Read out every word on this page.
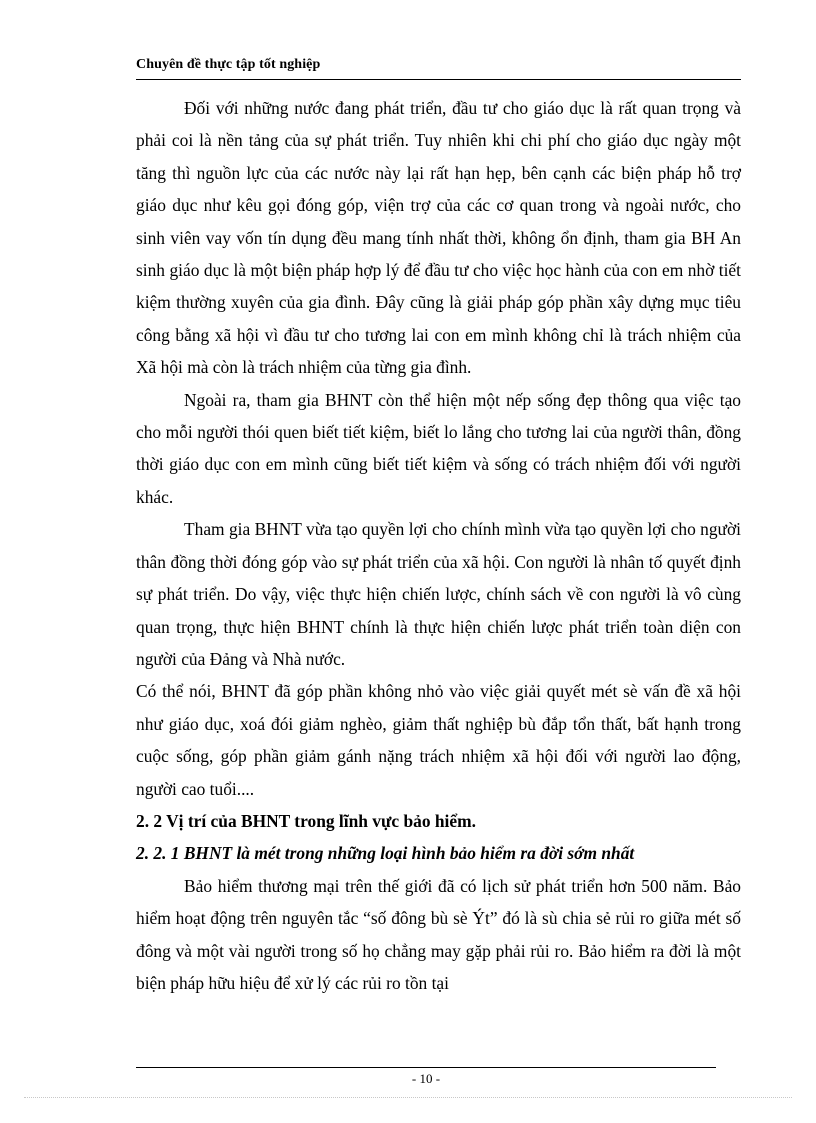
Chuyên đề thực tập tốt nghiệp

Đối với những nước đang phát triển, đầu tư cho giáo dục là rất quan trọng và phải coi là nền tảng của sự phát triển. Tuy nhiên khi chi phí cho giáo dục ngày một tăng thì nguồn lực của các nước này lại rất hạn hẹp, bên cạnh các biện pháp hỗ trợ giáo dục như kêu gọi đóng góp, viện trợ của các cơ quan trong và ngoài nước, cho sinh viên vay vốn tín dụng đều mang tính nhất thời, không ổn định, tham gia BH An sinh giáo dục là một biện pháp hợp lý để đầu tư cho việc học hành của con em nhờ tiết kiệm thường xuyên của gia đình. Đây cũng là giải pháp góp phần xây dựng mục tiêu công bằng xã hội vì đầu tư cho tương lai con em mình không chỉ là trách nhiệm của Xã hội mà còn là trách nhiệm của từng gia đình.

Ngoài ra, tham gia BHNT còn thể hiện một nếp sống đẹp thông qua việc tạo cho mỗi người thói quen biết tiết kiệm, biết lo lắng cho tương lai của người thân, đồng thời giáo dục con em mình cũng biết tiết kiệm và sống có trách nhiệm đối với người khác.

Tham gia BHNT vừa tạo quyền lợi cho chính mình vừa tạo quyền lợi cho người thân đồng thời đóng góp vào sự phát triển của xã hội. Con người là nhân tố quyết định sự phát triển. Do vậy, việc thực hiện chiến lược, chính sách về con người là vô cùng quan trọng, thực hiện BHNT chính là thực hiện chiến lược phát triển toàn diện con người của Đảng và Nhà nước.

Có thể nói, BHNT đã góp phần không nhỏ vào việc giải quyết mét sè vấn đề xã hội như giáo dục, xoá đói giảm nghèo, giảm thất nghiệp bù đắp tổn thất, bất hạnh trong cuộc sống, góp phần giảm gánh nặng trách nhiệm xã hội đối với người lao động, người cao tuổi....

2. 2 Vị trí của BHNT trong lĩnh vực bảo hiểm.

2. 2. 1 BHNT là mét trong những loại hình bảo hiểm ra đời sớm nhất

Bảo hiểm thương mại trên thế giới đã có lịch sử phát triển hơn 500 năm. Bảo hiểm hoạt động trên nguyên tắc “số đông bù sè Ýt” đó là sù chia sẻ rủi ro giữa mét số đông và một vài người trong số họ chẳng may gặp phải rủi ro. Bảo hiểm ra đời là một biện pháp hữu hiệu để xử lý các rủi ro tồn tại

- 10 -
